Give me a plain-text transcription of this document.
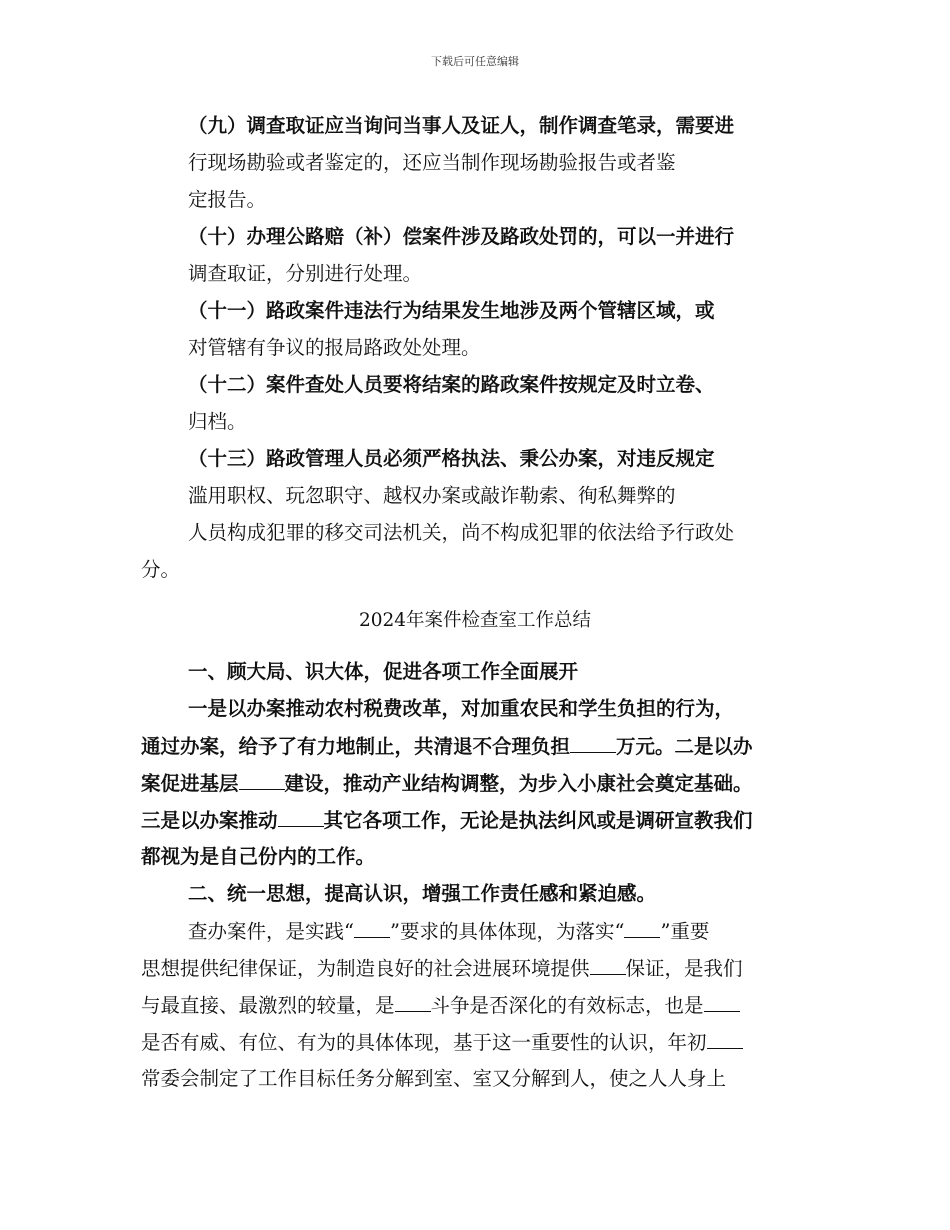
下载后可任意编辑
（九）调查取证应当询问当事人及证人，制作调查笔录，需要进
行现场勘验或者鉴定的，还应当制作现场勘验报告或者鉴
定报告。
（十）办理公路赔（补）偿案件涉及路政处罚的，可以一并进行
调查取证，分别进行处理。
（十一）路政案件违法行为结果发生地涉及两个管辖区域，或
对管辖有争议的报局路政处处理。
（十二）案件查处人员要将结案的路政案件按规定及时立卷、
归档。
（十三）路政管理人员必须严格执法、秉公办案，对违反规定
滥用职权、玩忽职守、越权办案或敲诈勒索、徇私舞弊的
人员构成犯罪的移交司法机关，尚不构成犯罪的依法给予行政处
分。
2024年案件检查室工作总结
一、顾大局、识大体，促进各项工作全面展开
一是以办案推动农村税费改革，对加重农民和学生负担的行为，
通过办案，给予了有力地制止，共清退不合理负担 万元。二是以办
案促进基层 建设，推动产业结构调整，为步入小康社会奠定基础。
三是以办案推动 其它各项工作，无论是执法纠风或是调研宣教我们
都视为是自己份内的工作。
二、统一思想，提高认识，增强工作责任感和紧迫感。
查办案件，是实践“ ”要求的具体体现，为落实“ ”重要
思想提供纪律保证，为制造良好的社会进展环境提供 保证，是我们
与最直接、最激烈的较量，是 斗争是否深化的有效标志，也是
是否有威、有位、有为的具体体现，基于这一重要性的认识，年初
常委会制定了工作目标任务分解到室、室又分解到人，使之人人身上
